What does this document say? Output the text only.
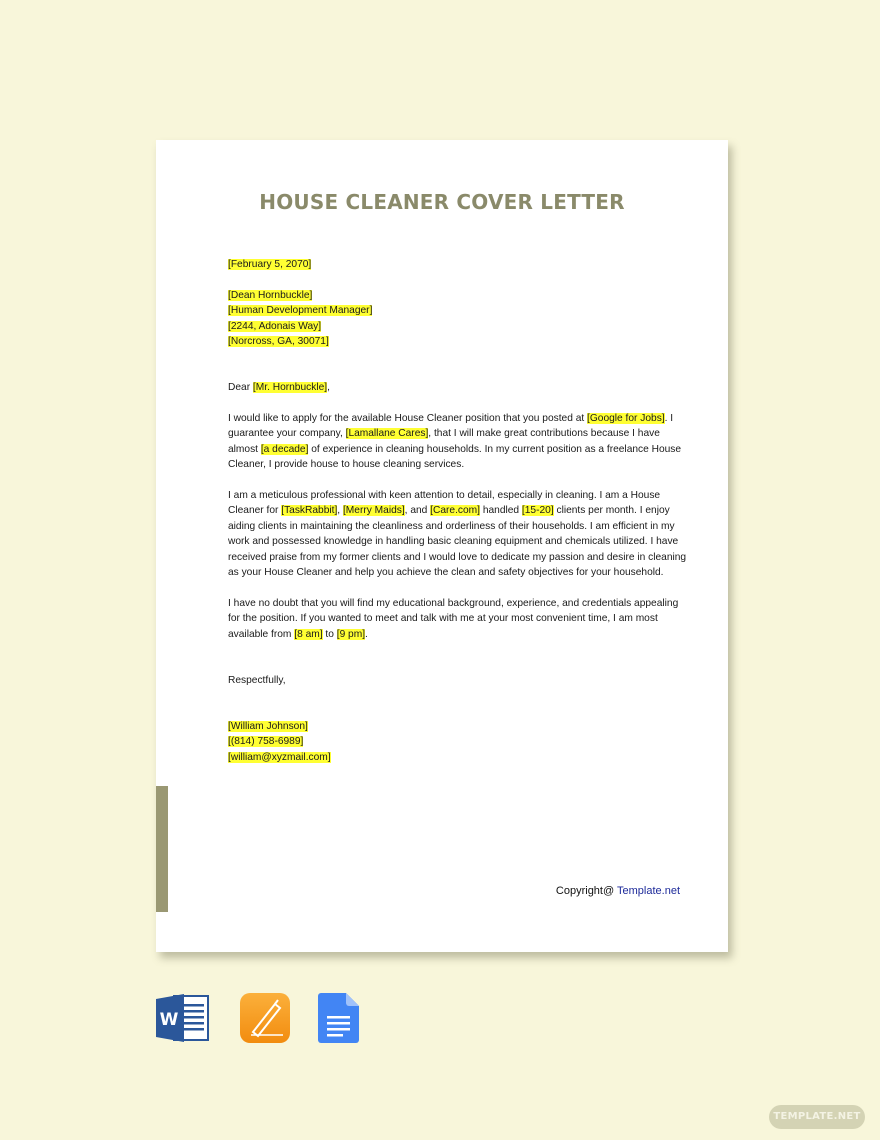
HOUSE CLEANER COVER LETTER

[February 5, 2070]

[Dean Hornbuckle]

[Human Development Manager]

[2244, Adonais Way]

[Norcross, GA, 30071]

Dear [Mr. Hornbuckle],

I would like to apply for the available House Cleaner position that you posted at [Google for Jobs]. I guarantee your company, [Lamallane Cares], that I will make great contributions because I have almost [a decade] of experience in cleaning households. In my current position as a freelance House Cleaner, I provide house to house cleaning services.

I am a meticulous professional with keen attention to detail, especially in cleaning. I am a House Cleaner for [TaskRabbit], [Merry Maids], and [Care.com] handled [15-20] clients per month. I enjoy aiding clients in maintaining the cleanliness and orderliness of their households. I am efficient in my work and possessed knowledge in handling basic cleaning equipment and chemicals utilized. I have received praise from my former clients and I would love to dedicate my passion and desire in cleaning as your House Cleaner and help you achieve the clean and safety objectives for your household.

I have no doubt that you will find my educational background, experience, and credentials appealing for the position. If you wanted to meet and talk with me at your most convenient time, I am most available from [8 am] to [9 pm].

Respectfully,

[William Johnson]

[(814) 758-6989]

[william@xyzmail.com]

Copyright@ Template.net
W
TEMPLATE.NET
